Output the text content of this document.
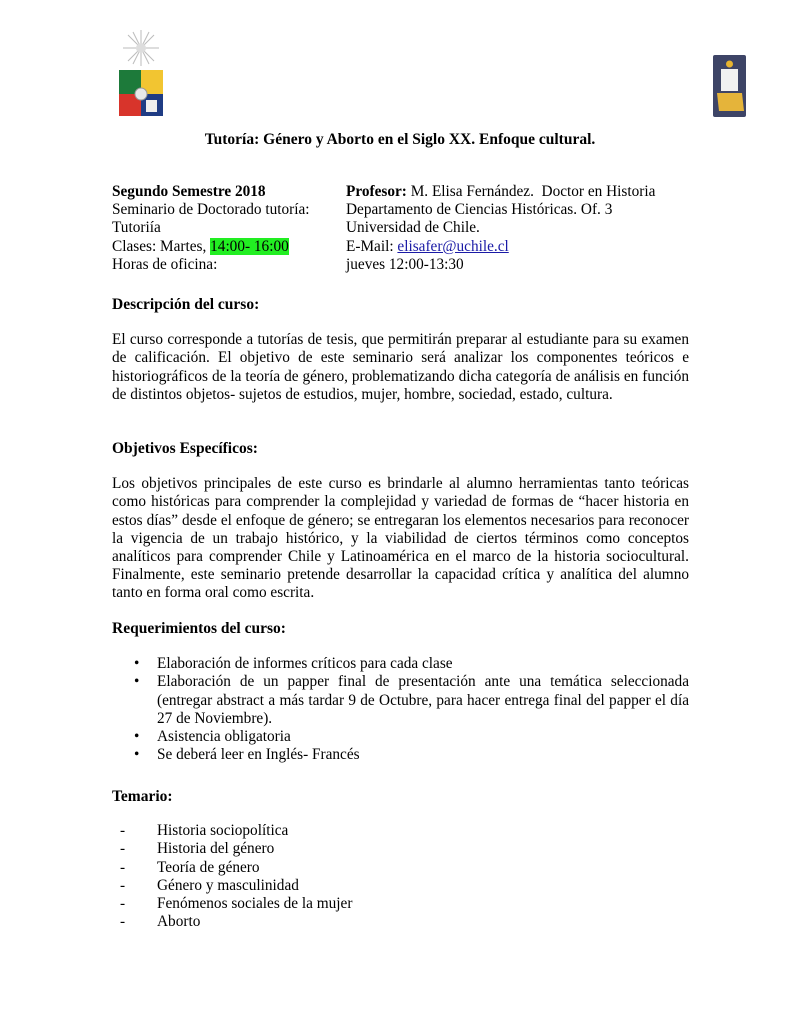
Tutoría: Género y Aborto en el Siglo XX. Enfoque cultural.
Segundo Semestre 2018
Seminario de Doctorado tutoría:
Tutoriía
Clases: Martes, 14:00- 16:00
Horas de oficina:
Profesor: M. Elisa Fernández.  Doctor en Historia
Departamento de Ciencias Históricas. Of. 3
Universidad de Chile.
E-Mail: elisafer@uchile.cl
jueves 12:00-13:30
Descripción del curso:

El curso corresponde a tutorías de tesis, que permitirán preparar al estudiante para su examen de calificación. El objetivo de este seminario será analizar los componentes teóricos e historiográficos de la teoría de género, problematizando dicha categoría de análisis en función de distintos objetos- sujetos de estudios, mujer, hombre, sociedad, estado, cultura.

Objetivos Específicos:

Los objetivos principales de este curso es brindarle al alumno herramientas tanto teóricas como históricas para comprender la complejidad y variedad de formas de “hacer historia en estos días” desde el enfoque de género; se entregaran los elementos necesarios para reconocer la vigencia de un trabajo histórico, y la viabilidad de ciertos términos como conceptos analíticos para comprender Chile y Latinoamérica en el marco de la historia sociocultural. Finalmente, este seminario pretende desarrollar la capacidad crítica y analítica del alumno tanto en forma oral como escrita.

Requerimientos del curso:
• Elaboración de informes críticos para cada clase
• Elaboración de un papper final de presentación ante una temática seleccionada (entregar abstract a más tardar 9 de Octubre, para hacer entrega final del papper el día 27 de Noviembre).
• Asistencia obligatoria
• Se deberá leer en Inglés- Francés
Temario:
- Historia sociopolítica
- Historia del género
- Teoría de género
- Género y masculinidad
- Fenómenos sociales de la mujer
- Aborto
